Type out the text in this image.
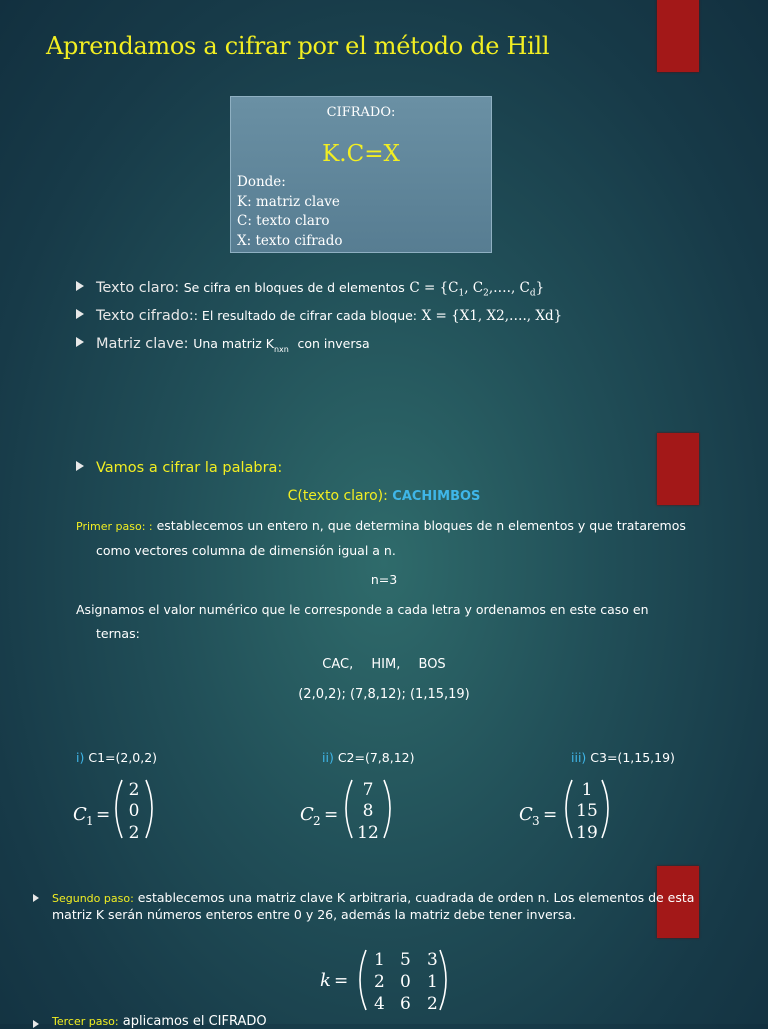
Aprendamos a cifrar por el método de Hill
CIFRADO:
K.C=X
Donde:
K: matriz clave
C: texto claro
X: texto cifrado
Texto claro: Se cifra en bloques de d elementos $C = \{C_1$, $C_2,\dots$., $C_d$}
Texto cifrado:: El resultado de cifrar cada bloque: X = {X1, X2,…., Xd}
Matriz clave: Una matriz $K_{nxn}$ con inversa
Vamos a cifrar la palabra:
C(texto claro): CACHIMBOS
Primer paso: : establecemos un entero n, que determina bloques de n elementos y que trataremos
como vectores columna de dimensión igual a n.
n=3
Asignamos el valor numérico que le corresponde a cada letra y ordenamos en este caso en
ternas:
CAC, HIM, BOS
(2,0,2); (7,8,12); (1,15,19)
i) C1=(2,0,2)	ii) C2=(7,8,12)	iii) C3=(1,15,19)
C 1 =
2
0
2
C 2 =
7
8
12
C 3 =
1
15
19
Segundo paso: establecemos una matriz clave K arbitraria, cuadrada de orden n. Los elementos de esta matriz K serán números enteros entre 0 y 26, además la matriz debe tener inversa.
k =
1 5 3
2 0 1
4 6 2
Tercer paso: aplicamos el CIFRADO
